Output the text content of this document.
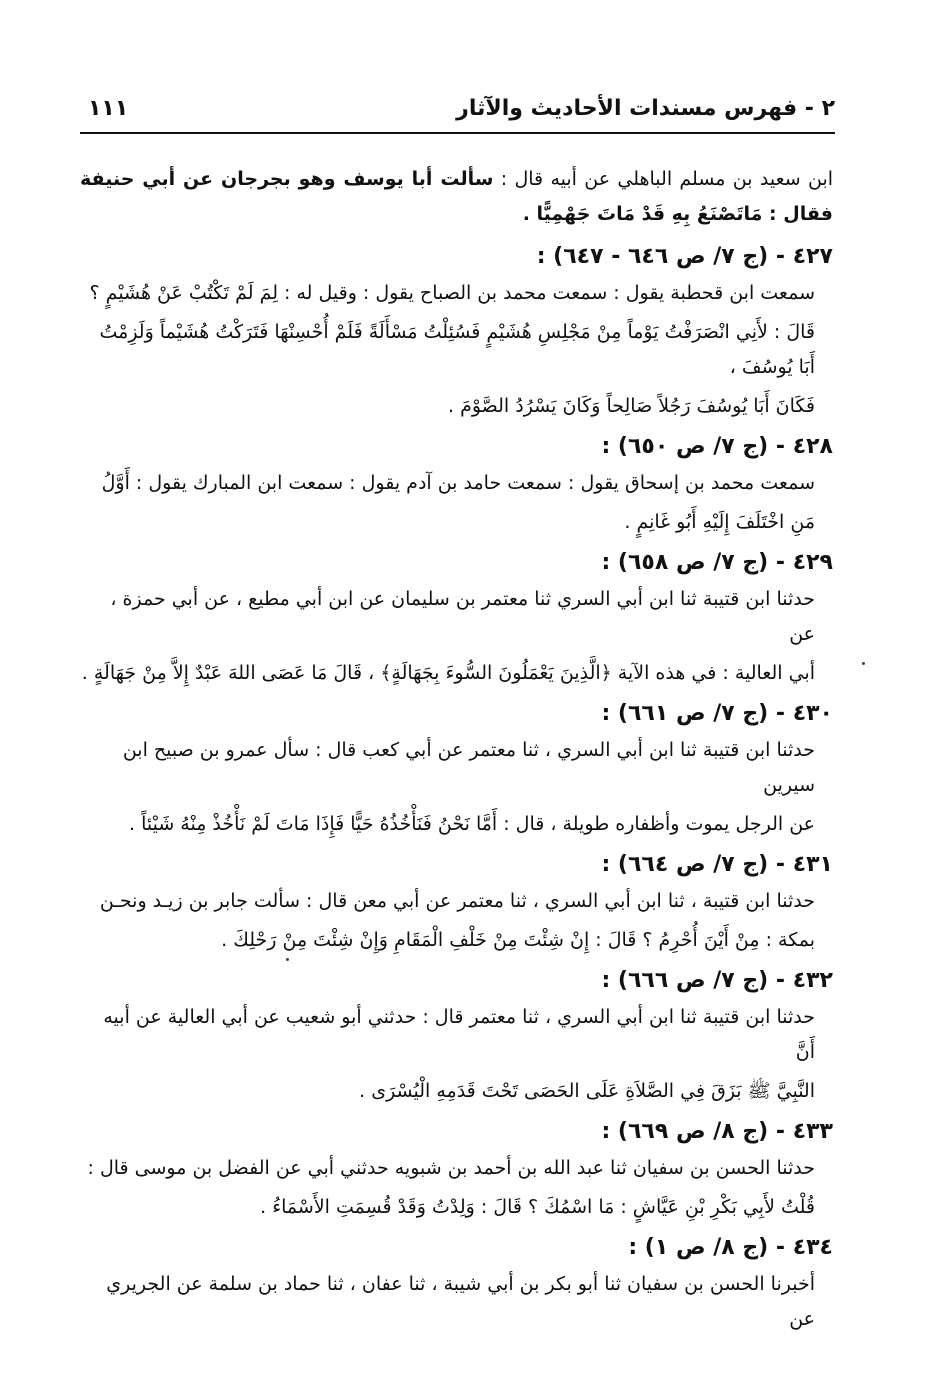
٢ - فهرس مسندات الأحاديث والآثار
١١١

ابن سعيد بن مسلم الباهلي عن أبيه قال : سألت أبا يوسف وهو بجرجان عن أبي حنيفة فقال : مَاتَصْنَعُ بِهِ قَدْ مَاتَ جَهْمِيًّا .

٤٢٧ - (ج ٧/ ص ٦٤٦ - ٦٤٧) :

سمعت ابن قحطبة يقول : سمعت محمد بن الصباح يقول : وقيل له : لِمَ لَمْ تَكْتُبْ عَنْ هُشَيْمٍ ؟

قَالَ : لأَنِي انْصَرَفْتُ يَوْماً مِنْ مَجْلِسِ هُشَيْمٍ فَسُئِلْتُ مَسْأَلَةً فَلَمْ أُحْسِنْهَا فَتَرَكْتُ هُشَيْماً وَلَزِمْتُ أَبَا يُوسُفَ ،

فَكَانَ أَبَا يُوسُفَ رَجُلاً صَالِحاً وَكَانَ يَسْرُدُ الصَّوْمَ .

٤٢٨ - (ج ٧/ ص ٦٥٠) :

سمعت محمد بن إسحاق يقول : سمعت حامد بن آدم يقول : سمعت ابن المبارك يقول : أَوَّلُ

مَنِ اخْتَلَفَ إِلَيْهِ أَبُو غَانِمٍ .

٤٢٩ - (ج ٧/ ص ٦٥٨) :

حدثنا ابن قتيبة ثنا ابن أبي السري ثنا معتمر بن سليمان عن ابن أبي مطيع ، عن أبي حمزة ، عن

أبي العالية : في هذه الآية ﴿الَّذِينَ يَعْمَلُونَ السُّوءَ بِجَهَالَةٍ﴾ ، قَالَ مَا عَصَى اللهَ عَبْدٌ إِلاَّ مِنْ جَهَالَةٍ .

٤٣٠ - (ج ٧/ ص ٦٦١) :

حدثنا ابن قتيبة ثنا ابن أبي السري ، ثنا معتمر عن أبي كعب قال : سأل عمرو بن صبيح ابن سيرين

عن الرجل يموت وأظفاره طويلة ، قال : أَمَّا نَحْنُ فَنَأْخُذُهُ حَيًّا فَإِذَا مَاتَ لَمْ نَأْخُذْ مِنْهُ شَيْئاً .

٤٣١ - (ج ٧/ ص ٦٦٤) :

حدثنا ابن قتيبة ، ثنا ابن أبي السري ، ثنا معتمر عن أبي معن قال : سألت جابر بن زيـد ونحـن

بمكة : مِنْ أَيْنَ أُحْرِمُ ؟ قَالَ : إِنْ شِئْتَ مِنْ خَلْفِ الْمَقَامِ وَإِنْ شِئْتَ مِنْ رَحْلِكَ .

٤٣٢ - (ج ٧/ ص ٦٦٦) :

حدثنا ابن قتيبة ثنا ابن أبي السري ، ثنا معتمر قال : حدثني أبو شعيب عن أبي العالية عن أبيه أَنَّ

النَّبِيَّ ﷺ بَزَقَ فِي الصَّلاَةِ عَلَى الحَصَى تَحْتَ قَدَمِهِ الْيُسْرَى .

٤٣٣ - (ج ٨/ ص ٦٦٩) :

حدثنا الحسن بن سفيان ثنا عبد الله بن أحمد بن شبويه حدثني أبي عن الفضل بن موسى قال :

قُلْتُ لأَبِي بَكْرِ بْنِ عَيَّاشٍ : مَا اسْمُكَ ؟ قَالَ : وَلِدْتُ وَقَدْ قُسِمَتِ الأَسْمَاءُ .

٤٣٤ - (ج ٨/ ص ١) :

أخبرنا الحسن بن سفيان ثنا أبو بكر بن أبي شيبة ، ثنا عفان ، ثنا حماد بن سلمة عن الجريري عن
